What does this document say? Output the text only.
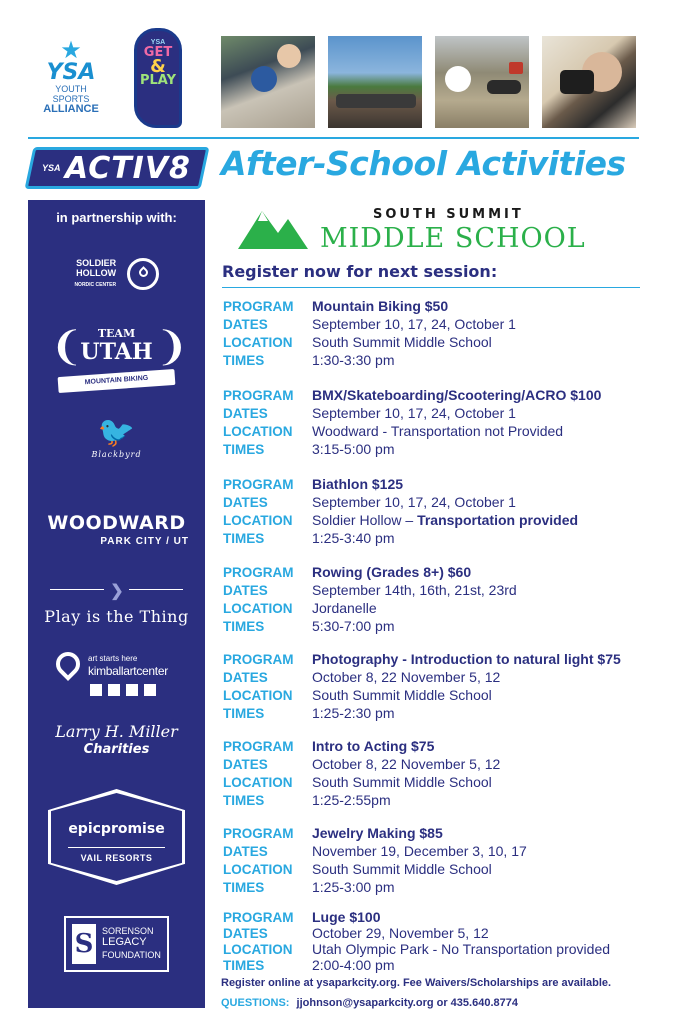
★
YSA
YOUTH SPORTS
ALLIANCE
YSA
GET
&
PLAY
YSA ACTIV8 After-School Activities
in partnership with:
SOLDIER
HOLLOW
NORDIC CENTER
❨ ❩
TEAM
UTAH
MOUNTAIN BIKING
🐦
Blackbyrd
WOODWARD
PARK CITY / UT
❯
Play is the Thing
art starts here
kimballartcenter
Larry H. Miller
Charities
epicpromise
VAIL RESORTS
S SORENSON
LEGACY
FOUNDATION
SOUTH SUMMIT
MIDDLE SCHOOL
Register now for next session:
PROGRAM Mountain Biking $50
DATES	September 10, 17, 24, October 1
LOCATION South Summit Middle School
TIMES	1:30-3:30 pm
PROGRAM BMX/Skateboarding/Scootering/ACRO $100
DATES	September 10, 17, 24, October 1
LOCATION Woodward - Transportation not Provided
TIMES	3:15-5:00 pm
PROGRAM Biathlon $125
DATES	September 10, 17, 24, October 1
LOCATION Soldier Hollow – Transportation provided
TIMES	1:25-3:40 pm
PROGRAM Rowing (Grades 8+) $60
DATES	September 14th, 16th, 21st, 23rd
LOCATION Jordanelle
TIMES	5:30-7:00 pm
PROGRAM Photography - Introduction to natural light $75
DATES	October 8, 22 November 5, 12
LOCATION South Summit Middle School
TIMES	1:25-2:30 pm
PROGRAM Intro to Acting $75
DATES	October 8, 22 November 5, 12
LOCATION South Summit Middle School
TIMES	1:25-2:55pm
PROGRAM Jewelry Making $85
DATES	November 19, December 3, 10, 17
LOCATION South Summit Middle School
TIMES	1:25-3:00 pm
PROGRAM Luge $100
DATES	October 29, November 5, 12
LOCATION Utah Olympic Park - No Transportation provided
TIMES	2:00-4:00 pm
Register online at ysaparkcity.org. Fee Waivers/Scholarships are available.
QUESTIONS: jjohnson@ysaparkcity.org or 435.640.8774
